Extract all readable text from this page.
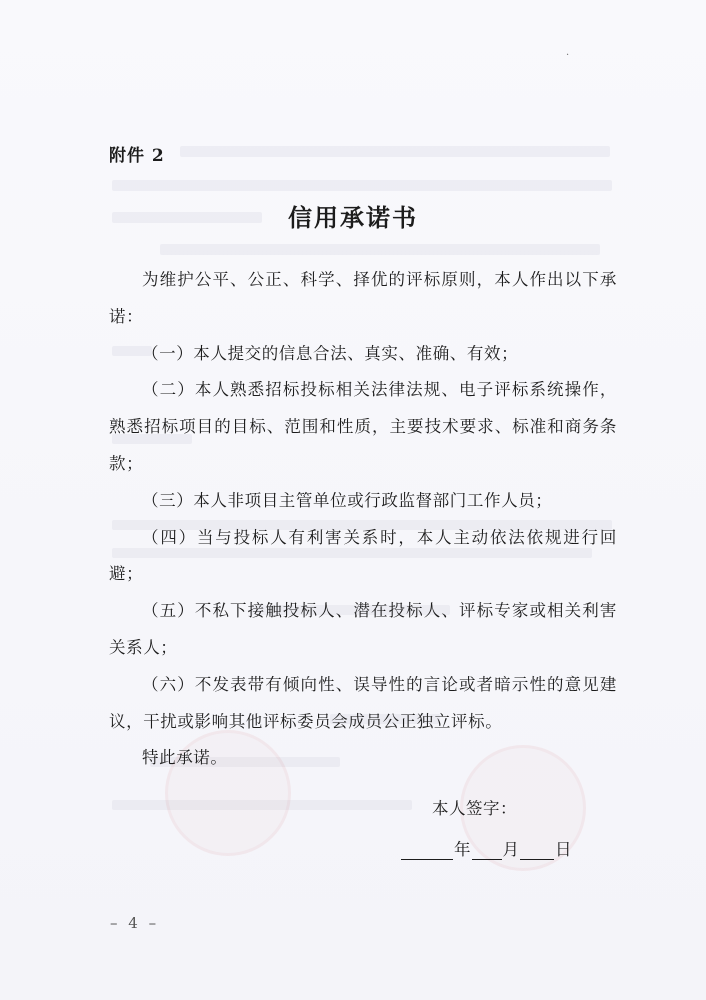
·
附件 2
信用承诺书

为维护公平、公正、科学、择优的评标原则，本人作出以下承诺：

（一）本人提交的信息合法、真实、准确、有效；

（二）本人熟悉招标投标相关法律法规、电子评标系统操作，熟悉招标项目的目标、范围和性质，主要技术要求、标准和商务条款；

（三）本人非项目主管单位或行政监督部门工作人员；

（四）当与投标人有利害关系时，本人主动依法依规进行回避；

（五）不私下接触投标人、潜在投标人、评标专家或相关利害关系人；

（六）不发表带有倾向性、误导性的言论或者暗示性的意见建议，干扰或影响其他评标委员会成员公正独立评标。

特此承诺。

本人签字：
年 月 日
– 4 –
